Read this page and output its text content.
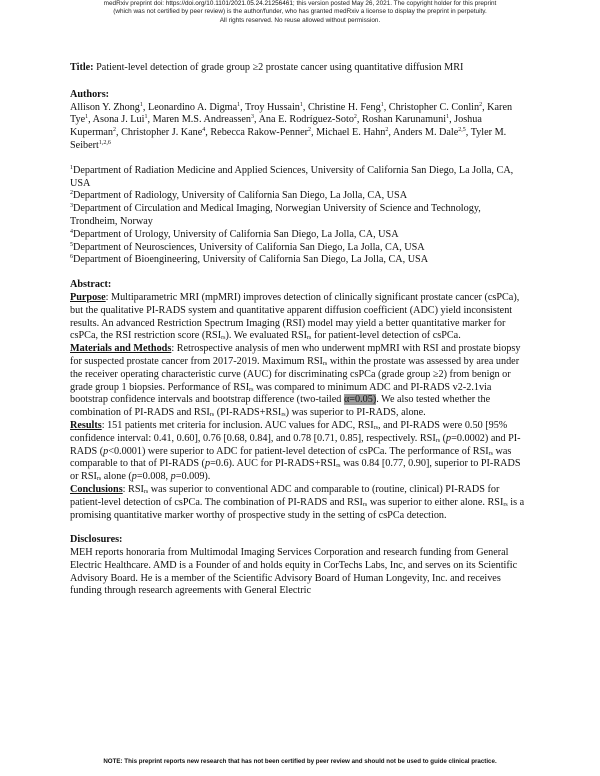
medRxiv preprint doi: https://doi.org/10.1101/2021.05.24.21256461; this version posted May 26, 2021. The copyright holder for this preprint
(which was not certified by peer review) is the author/funder, who has granted medRxiv a license to display the preprint in perpetuity.
All rights reserved. No reuse allowed without permission.

Title: Patient-level detection of grade group ≥2 prostate cancer using quantitative diffusion MRI

Authors:

Allison Y. Zhong$^1$, Leonardino A. Digma$^1$, Troy Hussain$^1$, Christine H. Feng$^1$, Christopher C. Conlin$^2$, Karen Tye$^1$, Asona J. Lui$^1$, Maren M.S. Andreassen$^3$, Ana E. Rodríguez-Soto$^2$, Roshan Karunamuni$^1$, Joshua Kuperman$^2$, Christopher J. Kane$^4$, Rebecca Rakow-Penner$^2$, Michael E. Hahn$^2$, Anders M. Dale$^{2,5}$, Tyler M. Seibert$^{1,2,6}$

$^1$Department of Radiation Medicine and Applied Sciences, University of California San Diego, La Jolla, CA, USA
$^2$Department of Radiology, University of California San Diego, La Jolla, CA, USA
$^3$Department of Circulation and Medical Imaging, Norwegian University of Science and Technology, Trondheim, Norway
$^4$Department of Urology, University of California San Diego, La Jolla, CA, USA
$^5$Department of Neurosciences, University of California San Diego, La Jolla, CA, USA
$^6$Department of Bioengineering, University of California San Diego, La Jolla, CA, USA
Abstract:

Purpose: Multiparametric MRI (mpMRI) improves detection of clinically significant prostate cancer (csPCa), but the qualitative PI-RADS system and quantitative apparent diffusion coefficient (ADC) yield inconsistent results. An advanced Restriction Spectrum Imaging (RSI) model may yield a better quantitative marker for csPCa, the RSI restriction score $(RSI_{rs})$. We evaluated $RSI_{rs}$ for patient-level detection of csPCa.

Materials and Methods: Retrospective analysis of men who underwent mpMRI with RSI and prostate biopsy for suspected prostate cancer from 2017-2019. Maximum $RSI_{rs}$ within the prostate was assessed by area under the receiver operating characteristic curve (AUC) for discriminating csPCa (grade group ≥2) from benign or grade group 1 biopsies. Performance of $RSI_{rs}$ was compared to minimum ADC and PI-RADS v2-2.1via bootstrap confidence intervals and bootstrap difference (two-tailed α=0.05). We also tested whether the combination of PI-RADS and $RSI_{rs}$ $(PI-RADS+RSI_{rs})$ was superior to PI-RADS, alone.

Results: 151 patients met criteria for inclusion. AUC values for ADC, $RSI_{rs}$, and PI-RADS were 0.50 [95% confidence interval: 0.41, 0.60], 0.76 [0.68, 0.84], and 0.78 [0.71, 0.85], respectively. $RSI_{rs}$ (p=0.0002) and PI-RADS (p<0.0001) were superior to ADC for patient-level detection of csPCa. The performance of $RSI_{rs}$ was comparable to that of PI-RADS (p=0.6). AUC for $PI-RADS+RSI_{rs}$ was 0.84 [0.77, 0.90], superior to PI-RADS or $RSI_{rs}$ alone (p=0.008, p=0.009).

Conclusions: $RSI_{rs}$ was superior to conventional ADC and comparable to (routine, clinical) PI-RADS for patient-level detection of csPCa. The combination of PI-RADS and $RSI_{rs}$ was superior to either alone. $RSI_{rs}$ is a promising quantitative marker worthy of prospective study in the setting of csPCa detection.

Disclosures:

MEH reports honoraria from Multimodal Imaging Services Corporation and research funding from General Electric Healthcare. AMD is a Founder of and holds equity in CorTechs Labs, Inc, and serves on its Scientific Advisory Board. He is a member of the Scientific Advisory Board of Human Longevity, Inc. and receives funding through research agreements with General Electric

NOTE: This preprint reports new research that has not been certified by peer review and should not be used to guide clinical practice.
